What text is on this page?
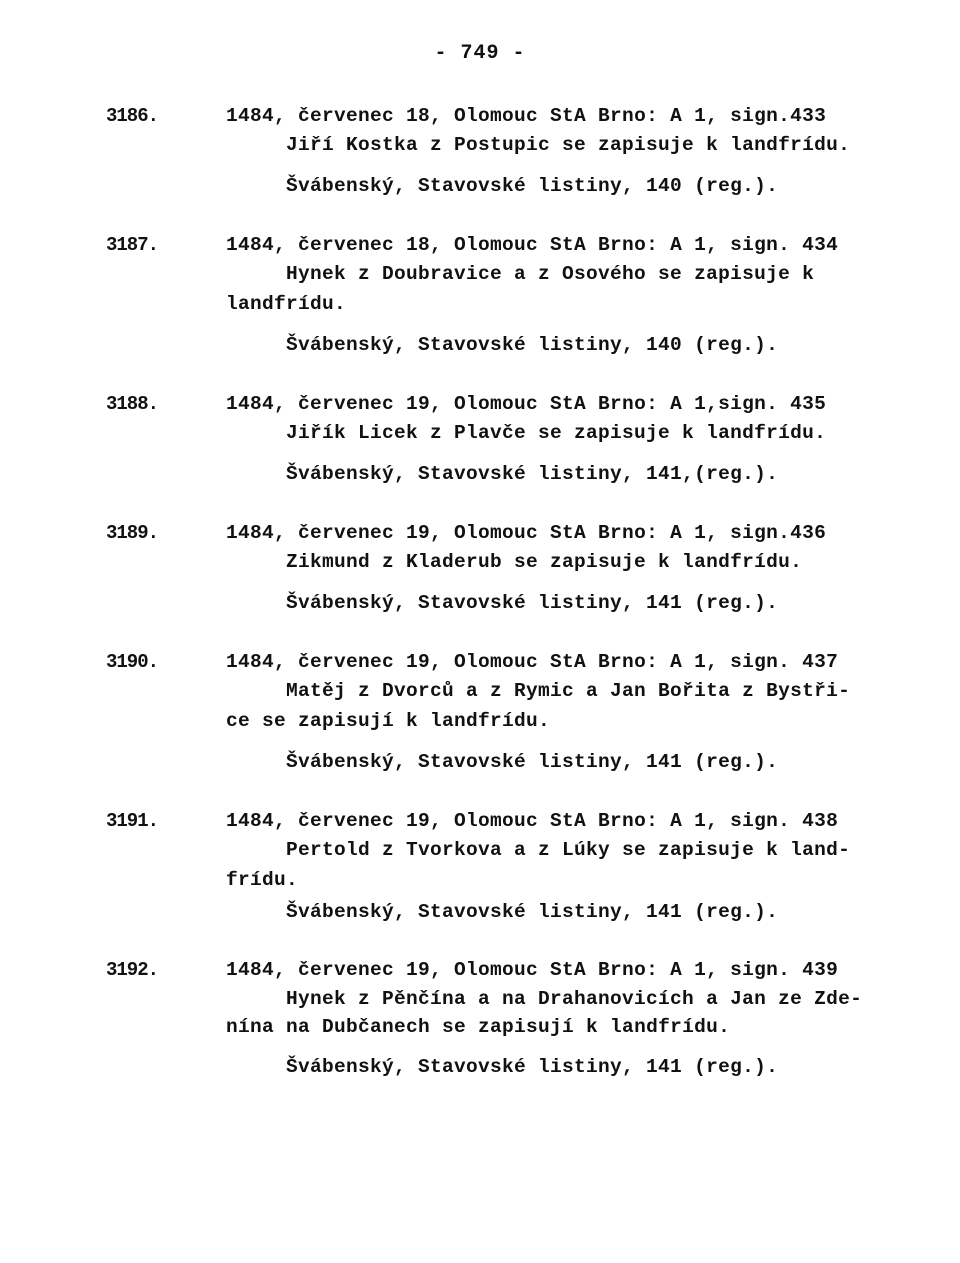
- 749 -
3186.	1484, červenec 18, Olomouc StA Brno: A 1, sign.433
Jiří Kostka z Postupic se zapisuje k landfrídu.
Švábenský, Stavovské listiny, 140 (reg.).
3187.	1484, červenec 18, Olomouc StA Brno: A 1, sign. 434
Hynek z Doubravice a z Osového se zapisuje k
landfrídu.
Švábenský, Stavovské listiny, 140 (reg.).
3188.	1484, červenec 19, Olomouc StA Brno: A 1,sign. 435
Jiřík Licek z Plavče se zapisuje k landfrídu.
Švábenský, Stavovské listiny, 141,(reg.).
3189.	1484, červenec 19, Olomouc StA Brno: A 1, sign.436
Zikmund z Kladerub se zapisuje k landfrídu.
Švábenský, Stavovské listiny, 141 (reg.).
3190.	1484, červenec 19, Olomouc StA Brno: A 1, sign. 437
Matěj z Dvorců a z Rymic a Jan Bořita z Bystři-
ce se zapisují k landfrídu.
Švábenský, Stavovské listiny, 141 (reg.).
3191.	1484, červenec 19, Olomouc StA Brno: A 1, sign. 438
Pertold z Tvorkova a z Lúky se zapisuje k land-
frídu.
Švábenský, Stavovské listiny, 141 (reg.).
3192.	1484, červenec 19, Olomouc StA Brno: A 1, sign. 439
Hynek z Pěnčína a na Drahanovicích a Jan ze Zde-
nína na Dubčanech se zapisují k landfrídu.
Švábenský, Stavovské listiny, 141 (reg.).
